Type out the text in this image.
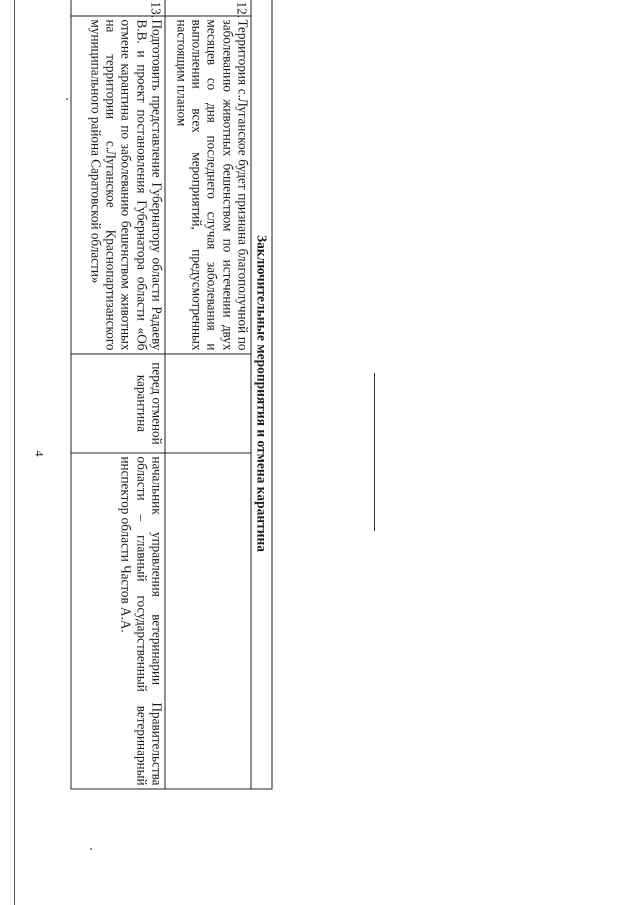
4	Заключительные мероприятия и отмена карантина			
12.	Территория с.Луганское будет признана благополучной по заболеванию животных бешенством по истечении двух месяцев со дня последнего случая заболевания и выполнении всех мероприятий, предусмотренных настоящим планом		
13.	Подготовить представление Губернатору области Радаеву В.В. и проект постановления Губернатора области «Об отмене карантина по заболеванию бешенством животных на территории с.Луганское Краснопартизанского муниципального района Саратовской области»	перед отменой карантина	начальник управления ветеринарии Правительства области – главный государственный ветеринарный инспектор области Частов А.А.
